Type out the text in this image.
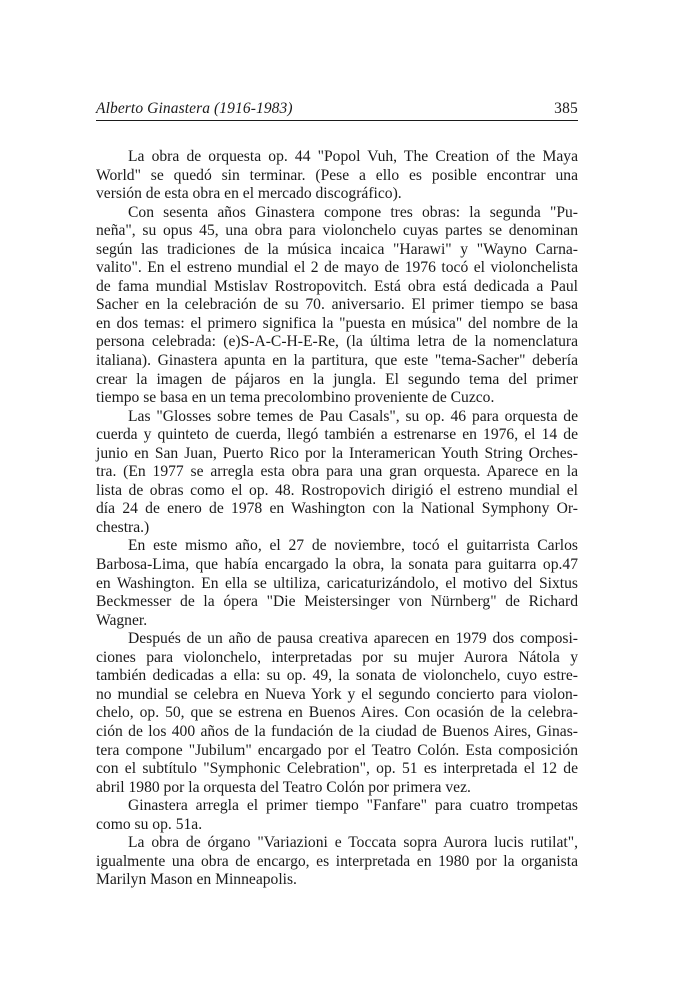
Alberto Ginastera (1916-1983)	385
La obra de orquesta op. 44 "Popol Vuh, The Creation of the Maya
World" se quedó sin terminar. (Pese a ello es posible encontrar una
versión de esta obra en el mercado discográfico).
Con sesenta años Ginastera compone tres obras: la segunda "Pu-
neña", su opus 45, una obra para violonchelo cuyas partes se denominan
según las tradiciones de la música incaica "Harawi" y "Wayno Carna-
valito". En el estreno mundial el 2 de mayo de 1976 tocó el violonchelista
de fama mundial Mstislav Rostropovitch. Está obra está dedicada a Paul
Sacher en la celebración de su 70. aniversario. El primer tiempo se basa
en dos temas: el primero significa la "puesta en música" del nombre de la
persona celebrada: (e)S-A-C-H-E-Re, (la última letra de la nomenclatura
italiana). Ginastera apunta en la partitura, que este "tema-Sacher" debería
crear la imagen de pájaros en la jungla. El segundo tema del primer
tiempo se basa en un tema precolombino proveniente de Cuzco.
Las "Glosses sobre temes de Pau Casals", su op. 46 para orquesta de
cuerda y quinteto de cuerda, llegó también a estrenarse en 1976, el 14 de
junio en San Juan, Puerto Rico por la Interamerican Youth String Orches-
tra. (En 1977 se arregla esta obra para una gran orquesta. Aparece en la
lista de obras como el op. 48. Rostropovich dirigió el estreno mundial el
día 24 de enero de 1978 en Washington con la National Symphony Or-
chestra.)
En este mismo año, el 27 de noviembre, tocó el guitarrista Carlos
Barbosa-Lima, que había encargado la obra, la sonata para guitarra op.47
en Washington. En ella se ultiliza, caricaturizándolo, el motivo del Sixtus
Beckmesser de la ópera "Die Meistersinger von Nürnberg" de Richard
Wagner.
Después de un año de pausa creativa aparecen en 1979 dos composi-
ciones para violonchelo, interpretadas por su mujer Aurora Nátola y
también dedicadas a ella: su op. 49, la sonata de violonchelo, cuyo estre-
no mundial se celebra en Nueva York y el segundo concierto para violon-
chelo, op. 50, que se estrena en Buenos Aires. Con ocasión de la celebra-
ción de los 400 años de la fundación de la ciudad de Buenos Aires, Ginas-
tera compone "Jubilum" encargado por el Teatro Colón. Esta composición
con el subtítulo "Symphonic Celebration", op. 51 es interpretada el 12 de
abril 1980 por la orquesta del Teatro Colón por primera vez.
Ginastera arregla el primer tiempo "Fanfare" para cuatro trompetas
como su op. 51a.
La obra de órgano "Variazioni e Toccata sopra Aurora lucis rutilat",
igualmente una obra de encargo, es interpretada en 1980 por la organista
Marilyn Mason en Minneapolis.
